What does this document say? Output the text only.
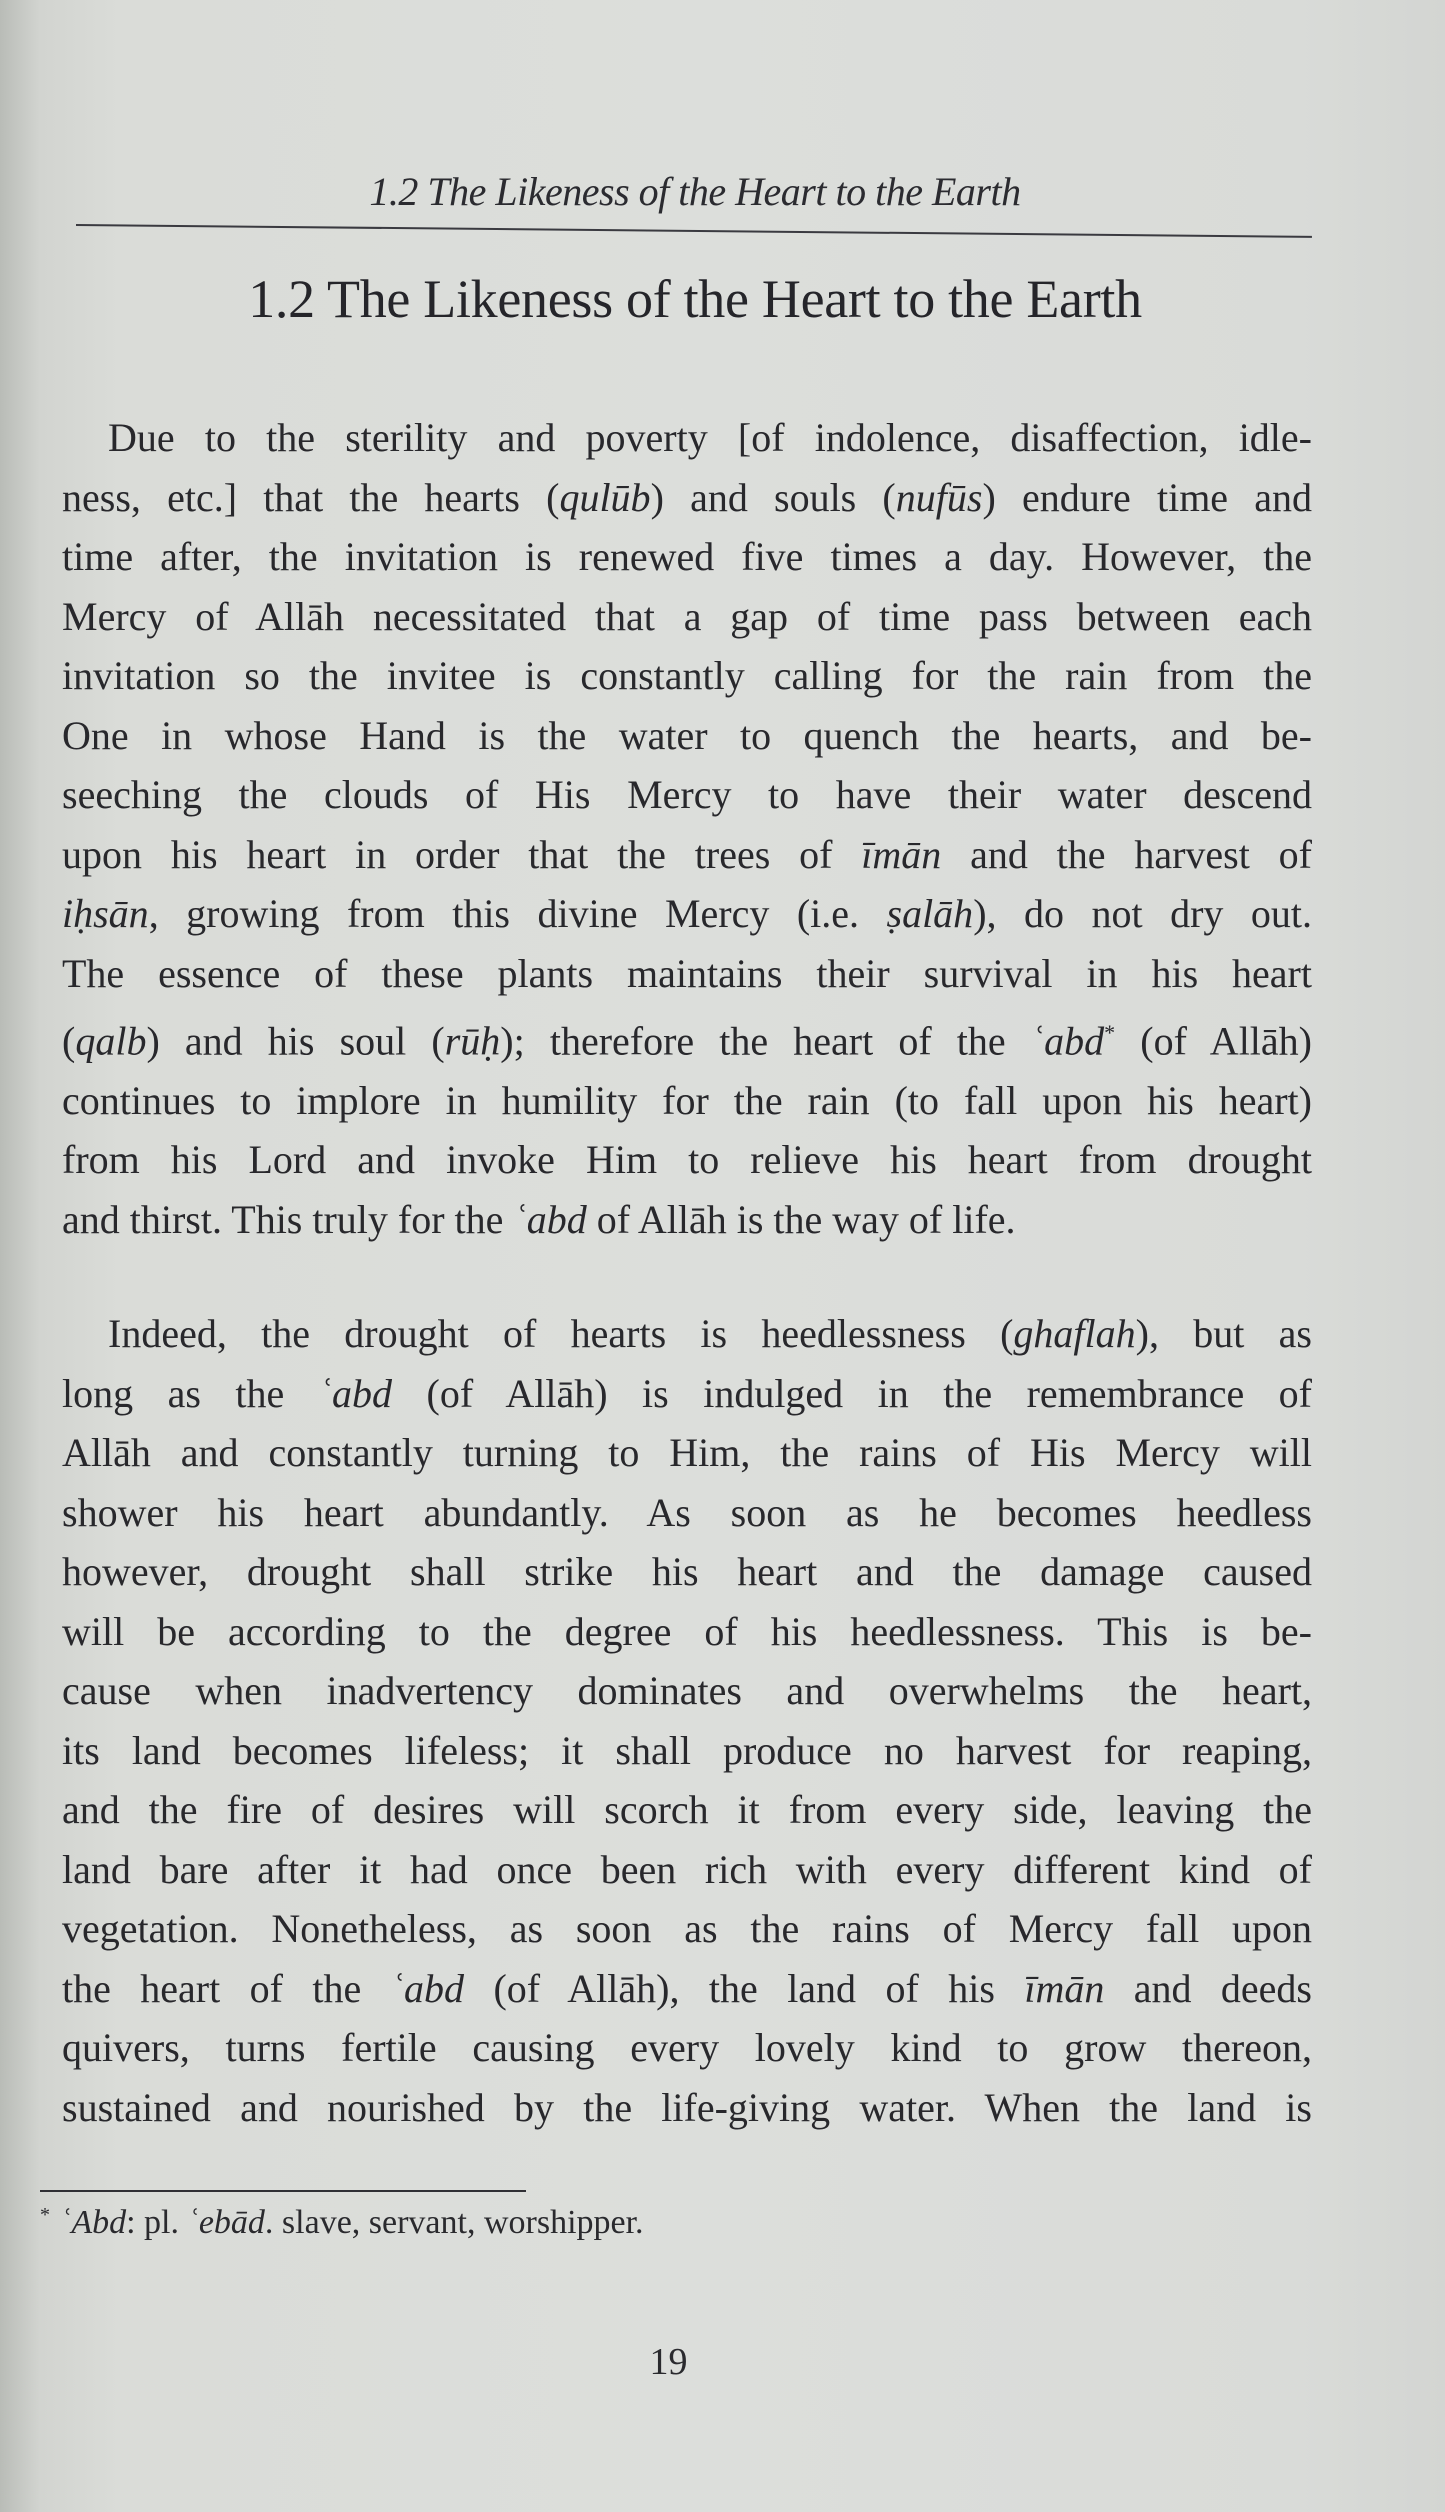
1.2 The Likeness of the Heart to the Earth
1.2 The Likeness of the Heart to the Earth
Due to the sterility and poverty [of indolence, disaffection, idle-
ness, etc.] that the hearts (qulūb) and souls (nufūs) endure time and
time after, the invitation is renewed five times a day. However, the
Mercy of Allāh necessitated that a gap of time pass between each
invitation so the invitee is constantly calling for the rain from the
One in whose Hand is the water to quench the hearts, and be-
seeching the clouds of His Mercy to have their water descend
upon his heart in order that the trees of īmān and the harvest of
iḥsān, growing from this divine Mercy (i.e. ṣalāh), do not dry out.
The essence of these plants maintains their survival in his heart
(qalb) and his soul (rūḥ); therefore the heart of the ʿabd* (of Allāh)
continues to implore in humility for the rain (to fall upon his heart)
from his Lord and invoke Him to relieve his heart from drought
and thirst. This truly for the ʿabd of Allāh is the way of life.
Indeed, the drought of hearts is heedlessness (ghaflah), but as
long as the ʿabd (of Allāh) is indulged in the remembrance of
Allāh and constantly turning to Him, the rains of His Mercy will
shower his heart abundantly. As soon as he becomes heedless
however, drought shall strike his heart and the damage caused
will be according to the degree of his heedlessness. This is be-
cause when inadvertency dominates and overwhelms the heart,
its land becomes lifeless; it shall produce no harvest for reaping,
and the fire of desires will scorch it from every side, leaving the
land bare after it had once been rich with every different kind of
vegetation. Nonetheless, as soon as the rains of Mercy fall upon
the heart of the ʿabd (of Allāh), the land of his īmān and deeds
quivers, turns fertile causing every lovely kind to grow thereon,
sustained and nourished by the life-giving water. When the land is
* ʿAbd: pl. ʿebād. slave, servant, worshipper.
19
